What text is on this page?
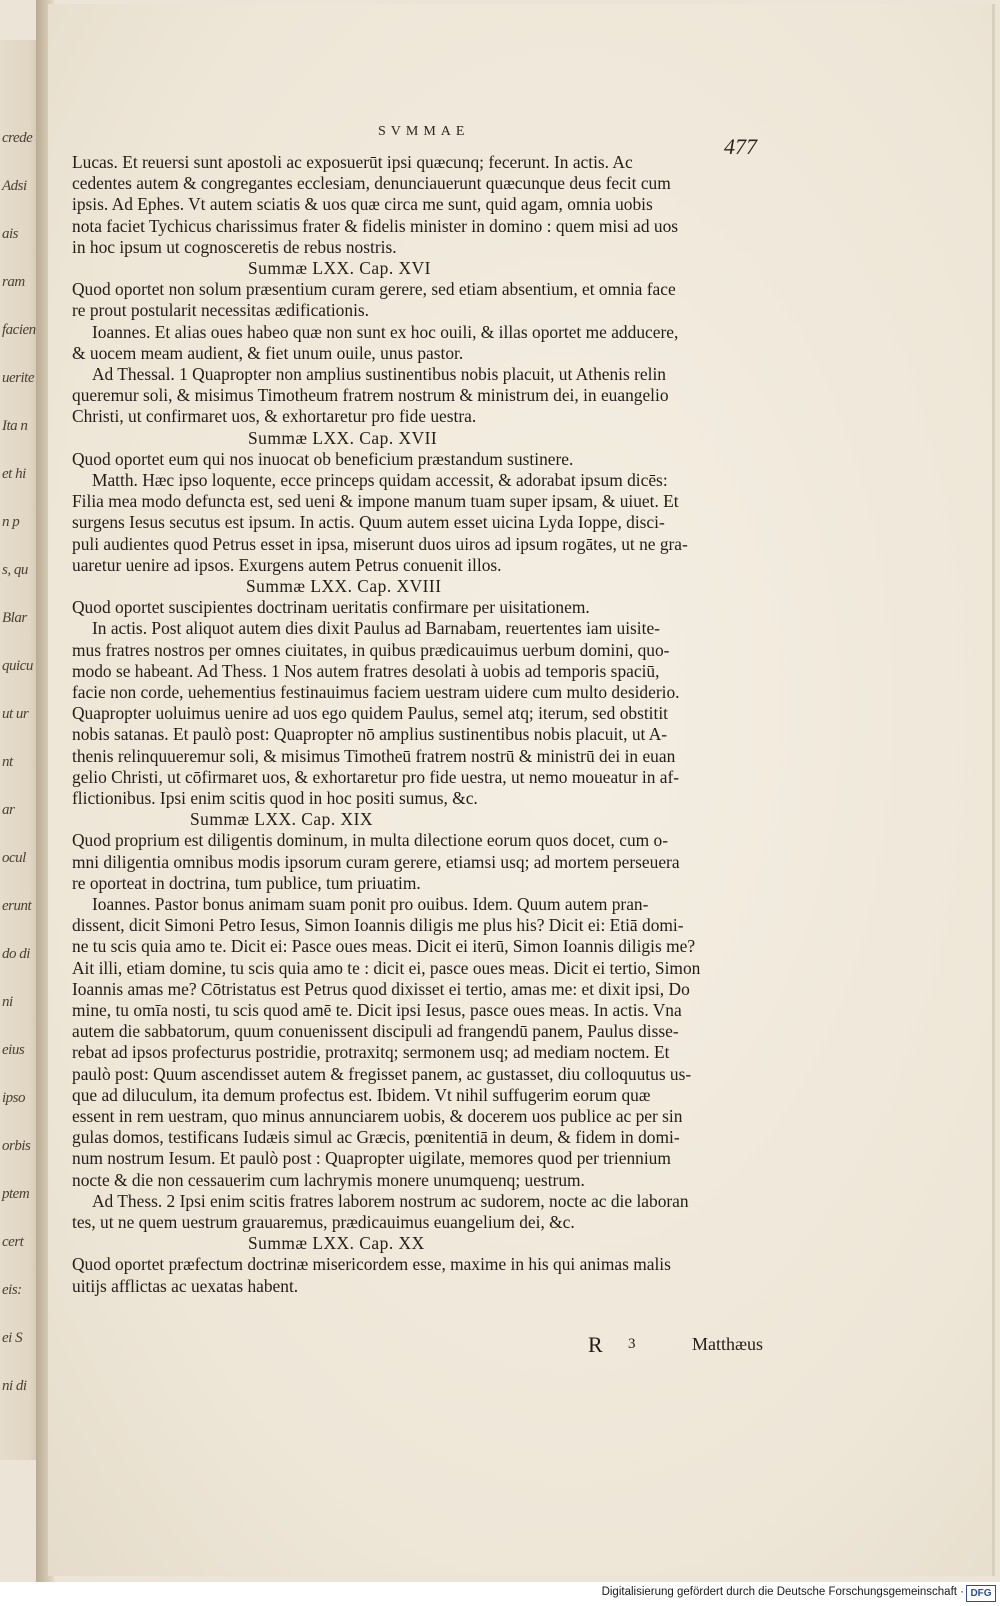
crede
Adsi
ais
ram
facien
uerite
Ita n
et hi
n p
s, qu
Blar
quicu
ut ur
nt
ar
ocul
erunt
do di
ni
eius
ipso
orbis
ptem
cert
eis:
ei S
ni di
SVMMAE
477
Lucas. Et reuersi sunt apostoli ac exposuerūt ipsi quæcunq; fecerunt. In actis. Ac
cedentes autem & congregantes ecclesiam, denunciauerunt quæcunque deus fecit cum
ipsis. Ad Ephes. Vt autem sciatis & uos quæ circa me sunt, quid agam, omnia uobis
nota faciet Tychicus charissimus frater & fidelis minister in domino : quem misi ad uos
in hoc ipsum ut cognosceretis de rebus nostris.
Summæ LXX. Cap. XVI
Quod oportet non solum præsentium curam gerere, sed etiam absentium, et omnia face
re prout postularit necessitas ædificationis.
Ioannes. Et alias oues habeo quæ non sunt ex hoc ouili, & illas oportet me adducere,
& uocem meam audient, & fiet unum ouile, unus pastor.
Ad Thessal. 1 Quapropter non amplius sustinentibus nobis placuit, ut Athenis relin
queremur soli, & misimus Timotheum fratrem nostrum & ministrum dei, in euangelio
Christi, ut confirmaret uos, & exhortaretur pro fide uestra.
Summæ LXX. Cap. XVII
Quod oportet eum qui nos inuocat ob beneficium præstandum sustinere.
Matth. Hæc ipso loquente, ecce princeps quidam accessit, & adorabat ipsum dicēs:
Filia mea modo defuncta est, sed ueni & impone manum tuam super ipsam, & uiuet. Et
surgens Iesus secutus est ipsum. In actis. Quum autem esset uicina Lyda Ioppe, disci-
puli audientes quod Petrus esset in ipsa, miserunt duos uiros ad ipsum rogātes, ut ne gra-
uaretur uenire ad ipsos. Exurgens autem Petrus conuenit illos.
Summæ LXX. Cap. XVIII
Quod oportet suscipientes doctrinam ueritatis confirmare per uisitationem.
In actis. Post aliquot autem dies dixit Paulus ad Barnabam, reuertentes iam uisite-
mus fratres nostros per omnes ciuitates, in quibus prædicauimus uerbum domini, quo-
modo se habeant. Ad Thess. 1 Nos autem fratres desolati à uobis ad temporis spaciū,
facie non corde, uehementius festinauimus faciem uestram uidere cum multo desiderio.
Quapropter uoluimus uenire ad uos ego quidem Paulus, semel atq; iterum, sed obstitit
nobis satanas. Et paulò post: Quapropter nō amplius sustinentibus nobis placuit, ut A-
thenis relinquueremur soli, & misimus Timotheū fratrem nostrū & ministrū dei in euan
gelio Christi, ut cōfirmaret uos, & exhortaretur pro fide uestra, ut nemo moueatur in af-
flictionibus. Ipsi enim scitis quod in hoc positi sumus, &c.
Summæ LXX. Cap. XIX
Quod proprium est diligentis dominum, in multa dilectione eorum quos docet, cum o-
mni diligentia omnibus modis ipsorum curam gerere, etiamsi usq; ad mortem perseuera
re oporteat in doctrina, tum publice, tum priuatim.
Ioannes. Pastor bonus animam suam ponit pro ouibus. Idem. Quum autem pran-
dissent, dicit Simoni Petro Iesus, Simon Ioannis diligis me plus his? Dicit ei: Etiā domi-
ne tu scis quia amo te. Dicit ei: Pasce oues meas. Dicit ei iterū, Simon Ioannis diligis me?
Ait illi, etiam domine, tu scis quia amo te : dicit ei, pasce oues meas. Dicit ei tertio, Simon
Ioannis amas me? Cōtristatus est Petrus quod dixisset ei tertio, amas me: et dixit ipsi, Do
mine, tu omīa nosti, tu scis quod amē te. Dicit ipsi Iesus, pasce oues meas. In actis. Vna
autem die sabbatorum, quum conuenissent discipuli ad frangendū panem, Paulus disse-
rebat ad ipsos profecturus postridie, protraxitq; sermonem usq; ad mediam noctem. Et
paulò post: Quum ascendisset autem & fregisset panem, ac gustasset, diu colloquutus us-
que ad diluculum, ita demum profectus est. Ibidem. Vt nihil suffugerim eorum quæ
essent in rem uestram, quo minus annunciarem uobis, & docerem uos publice ac per sin
gulas domos, testificans Iudæis simul ac Græcis, pœnitentiā in deum, & fidem in domi-
num nostrum Iesum. Et paulò post : Quapropter uigilate, memores quod per triennium
nocte & die non cessauerim cum lachrymis monere unumquenq; uestrum.
Ad Thess. 2 Ipsi enim scitis fratres laborem nostrum ac sudorem, nocte ac die laboran
tes, ut ne quem uestrum grauaremus, prædicauimus euangelium dei, &c.
Summæ LXX. Cap. XX
Quod oportet præfectum doctrinæ misericordem esse, maxime in his qui animas malis
uitijs afflictas ac uexatas habent.
R 3	Matthæus
Digitalisierung gefördert durch die Deutsche Forschungsgemeinschaft · DFG
